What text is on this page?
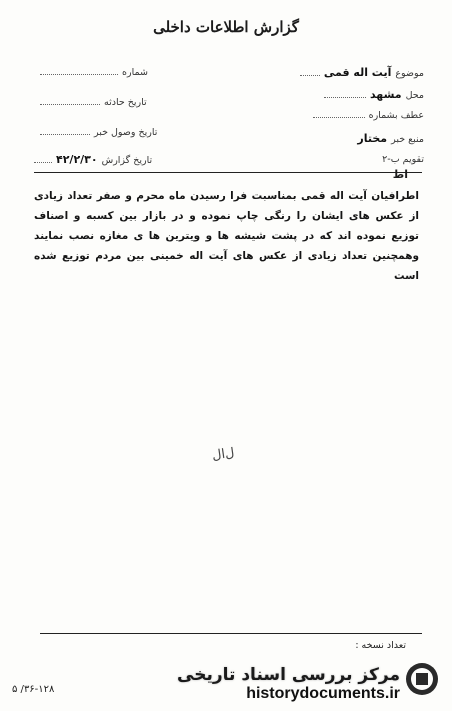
گزارش اطلاعات داخلی
شماره
تاریخ حادثه
تاریخ وصول خبر
تاریخ گزارش
۴۲/۲/۳۰
موضوع
آیت اله قمی
محل
مشهد
عطف بشماره
منبع خبر
مختار
تقویم ب-۲
اط
اطرافیان آیت اله قمی بمناسبت فرا رسیدن ماه محرم و صفر تعداد زیادی از عکس های ایشان را رنگی چاپ نموده و در بازار بین کسبه و اصناف توزیع نموده اند که در پشت شیشه ها و ویترین ها ی مغازه نصب نمایند وهمچنین تعداد زیادی از عکس های آیت اله خمینی بین مردم توزیع شده است
ل‌ال
تعداد نسخه :
۳۶-۱۲۸/ ۵
مرکز بررسی اسناد تاریخی
historydocuments.ir
